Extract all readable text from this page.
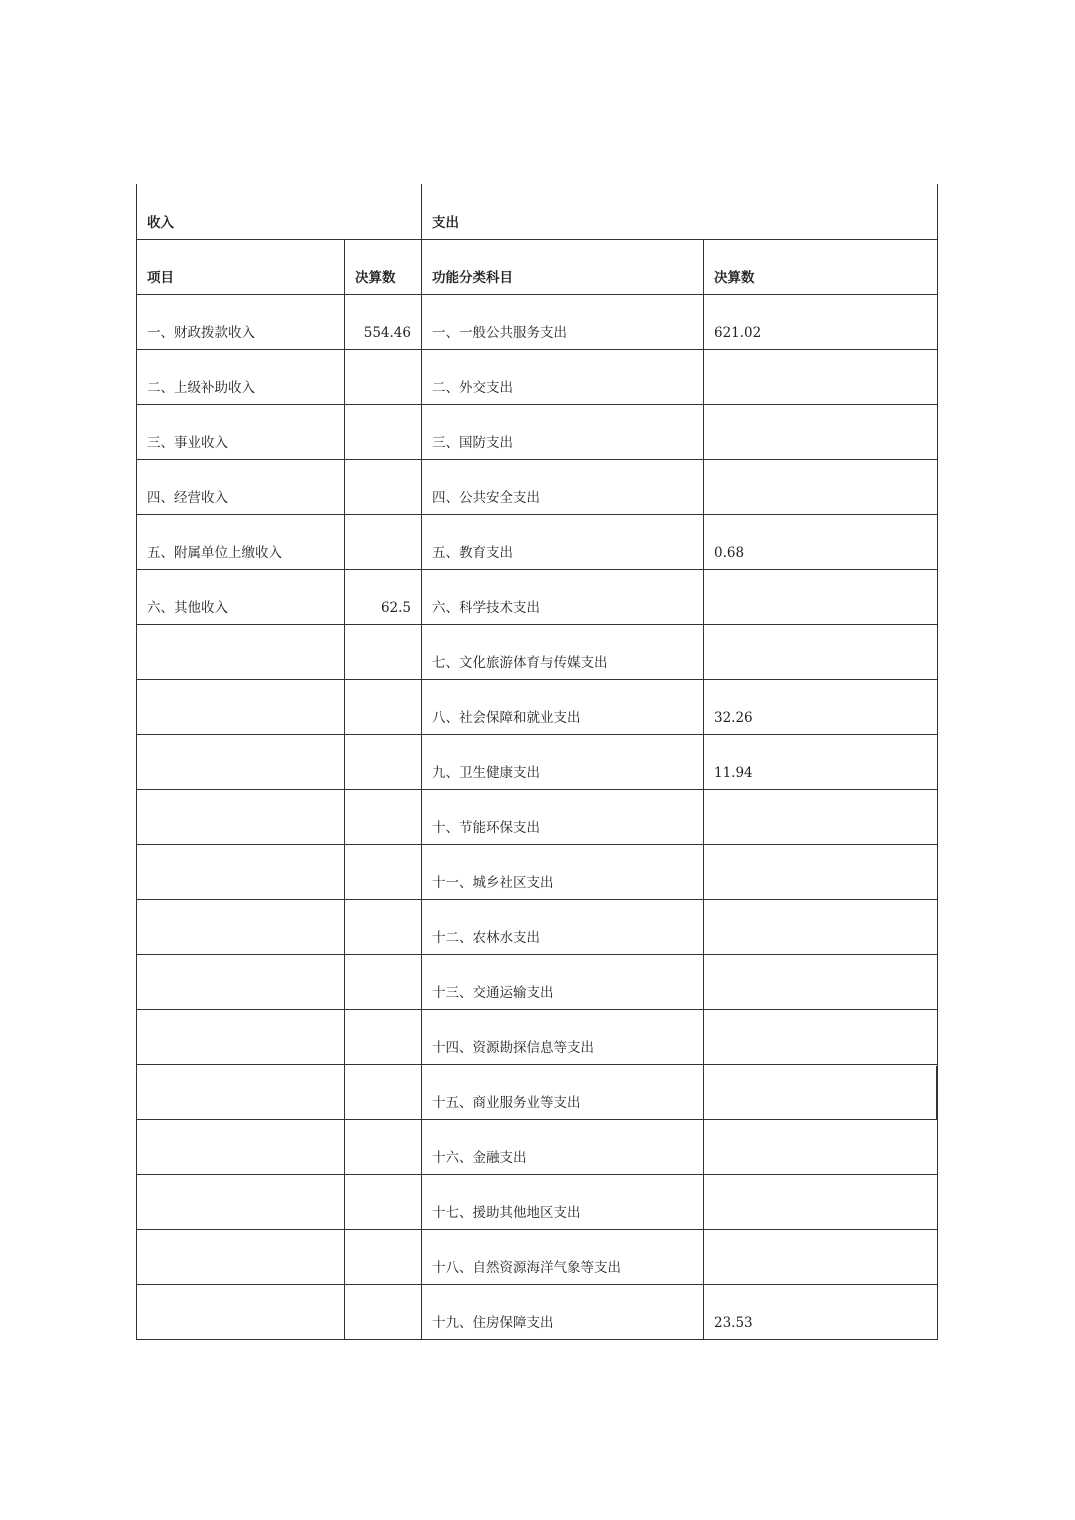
收入		支出	
项目	决算数	功能分类科目	决算数
一、财政拨款收入	554.46	一、一般公共服务支出	621.02
二、上级补助收入		二、外交支出	
三、事业收入		三、国防支出	
四、经营收入		四、公共安全支出	
五、附属单位上缴收入		五、教育支出	0.68
六、其他收入	62.5	六、科学技术支出	
		七、文化旅游体育与传媒支出	
		八、社会保障和就业支出	32.26
		九、卫生健康支出	11.94
		十、节能环保支出	
		十一、城乡社区支出	
		十二、农林水支出	
		十三、交通运输支出	
		十四、资源勘探信息等支出	
		十五、商业服务业等支出	
		十六、金融支出	
		十七、援助其他地区支出	
		十八、自然资源海洋气象等支出	
		十九、住房保障支出	23.53
